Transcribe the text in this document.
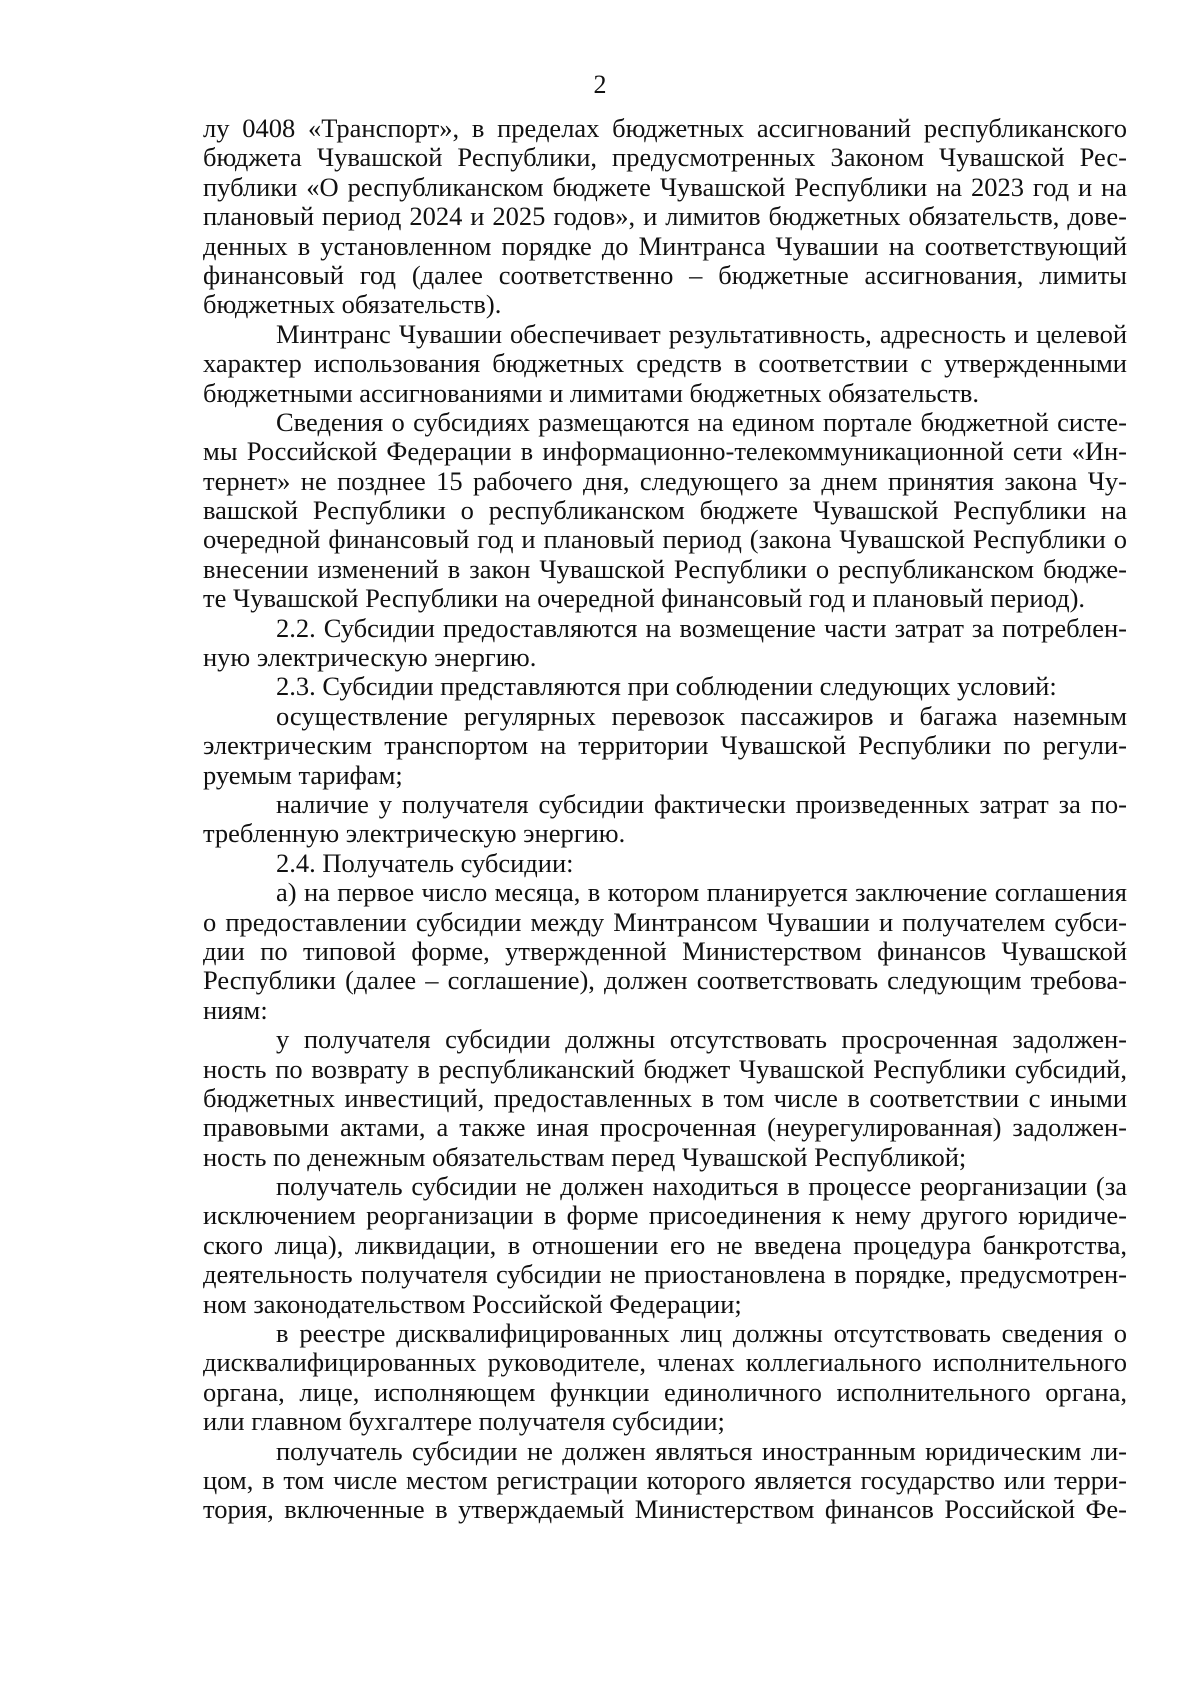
2
лу 0408 «Транспорт», в пределах бюджетных ассигнований республиканского
бюджета Чувашской Республики, предусмотренных Законом Чувашской Рес-
публики «О республиканском бюджете Чувашской Республики на 2023 год и на
плановый период 2024 и 2025 годов», и лимитов бюджетных обязательств, дове-
денных в установленном порядке до Минтранса Чувашии на соответствующий
финансовый год (далее соответственно – бюджетные ассигнования, лимиты
бюджетных обязательств).
Минтранс Чувашии обеспечивает результативность, адресность и целевой
характер использования бюджетных средств в соответствии с утвержденными
бюджетными ассигнованиями и лимитами бюджетных обязательств.
Сведения о субсидиях размещаются на едином портале бюджетной систе-
мы Российской Федерации в информационно-телекоммуникационной сети «Ин-
тернет» не позднее 15 рабочего дня, следующего за днем принятия закона Чу-
вашской Республики о республиканском бюджете Чувашской Республики на
очередной финансовый год и плановый период (закона Чувашской Республики о
внесении изменений в закон Чувашской Республики о республиканском бюдже-
те Чувашской Республики на очередной финансовый год и плановый период).
2.2. Субсидии предоставляются на возмещение части затрат за потреблен-
ную электрическую энергию.
2.3. Субсидии представляются при соблюдении следующих условий:
осуществление регулярных перевозок пассажиров и багажа наземным
электрическим транспортом на территории Чувашской Республики по регули-
руемым тарифам;
наличие у получателя субсидии фактически произведенных затрат за по-
требленную электрическую энергию.
2.4. Получатель субсидии:
а) на первое число месяца, в котором планируется заключение соглашения
о предоставлении субсидии между Минтрансом Чувашии и получателем субси-
дии по типовой форме, утвержденной Министерством финансов Чувашской
Республики (далее – соглашение), должен соответствовать следующим требова-
ниям:
у получателя субсидии должны отсутствовать просроченная задолжен-
ность по возврату в республиканский бюджет Чувашской Республики субсидий,
бюджетных инвестиций, предоставленных в том числе в соответствии с иными
правовыми актами, а также иная просроченная (неурегулированная) задолжен-
ность по денежным обязательствам перед Чувашской Республикой;
получатель субсидии не должен находиться в процессе реорганизации (за
исключением реорганизации в форме присоединения к нему другого юридиче-
ского лица), ликвидации, в отношении его не введена процедура банкротства,
деятельность получателя субсидии не приостановлена в порядке, предусмотрен-
ном законодательством Российской Федерации;
в реестре дисквалифицированных лиц должны отсутствовать сведения о
дисквалифицированных руководителе, членах коллегиального исполнительного
органа, лице, исполняющем функции единоличного исполнительного органа,
или главном бухгалтере получателя субсидии;
получатель субсидии не должен являться иностранным юридическим ли-
цом, в том числе местом регистрации которого является государство или терри-
тория, включенные в утверждаемый Министерством финансов Российской Фе-
